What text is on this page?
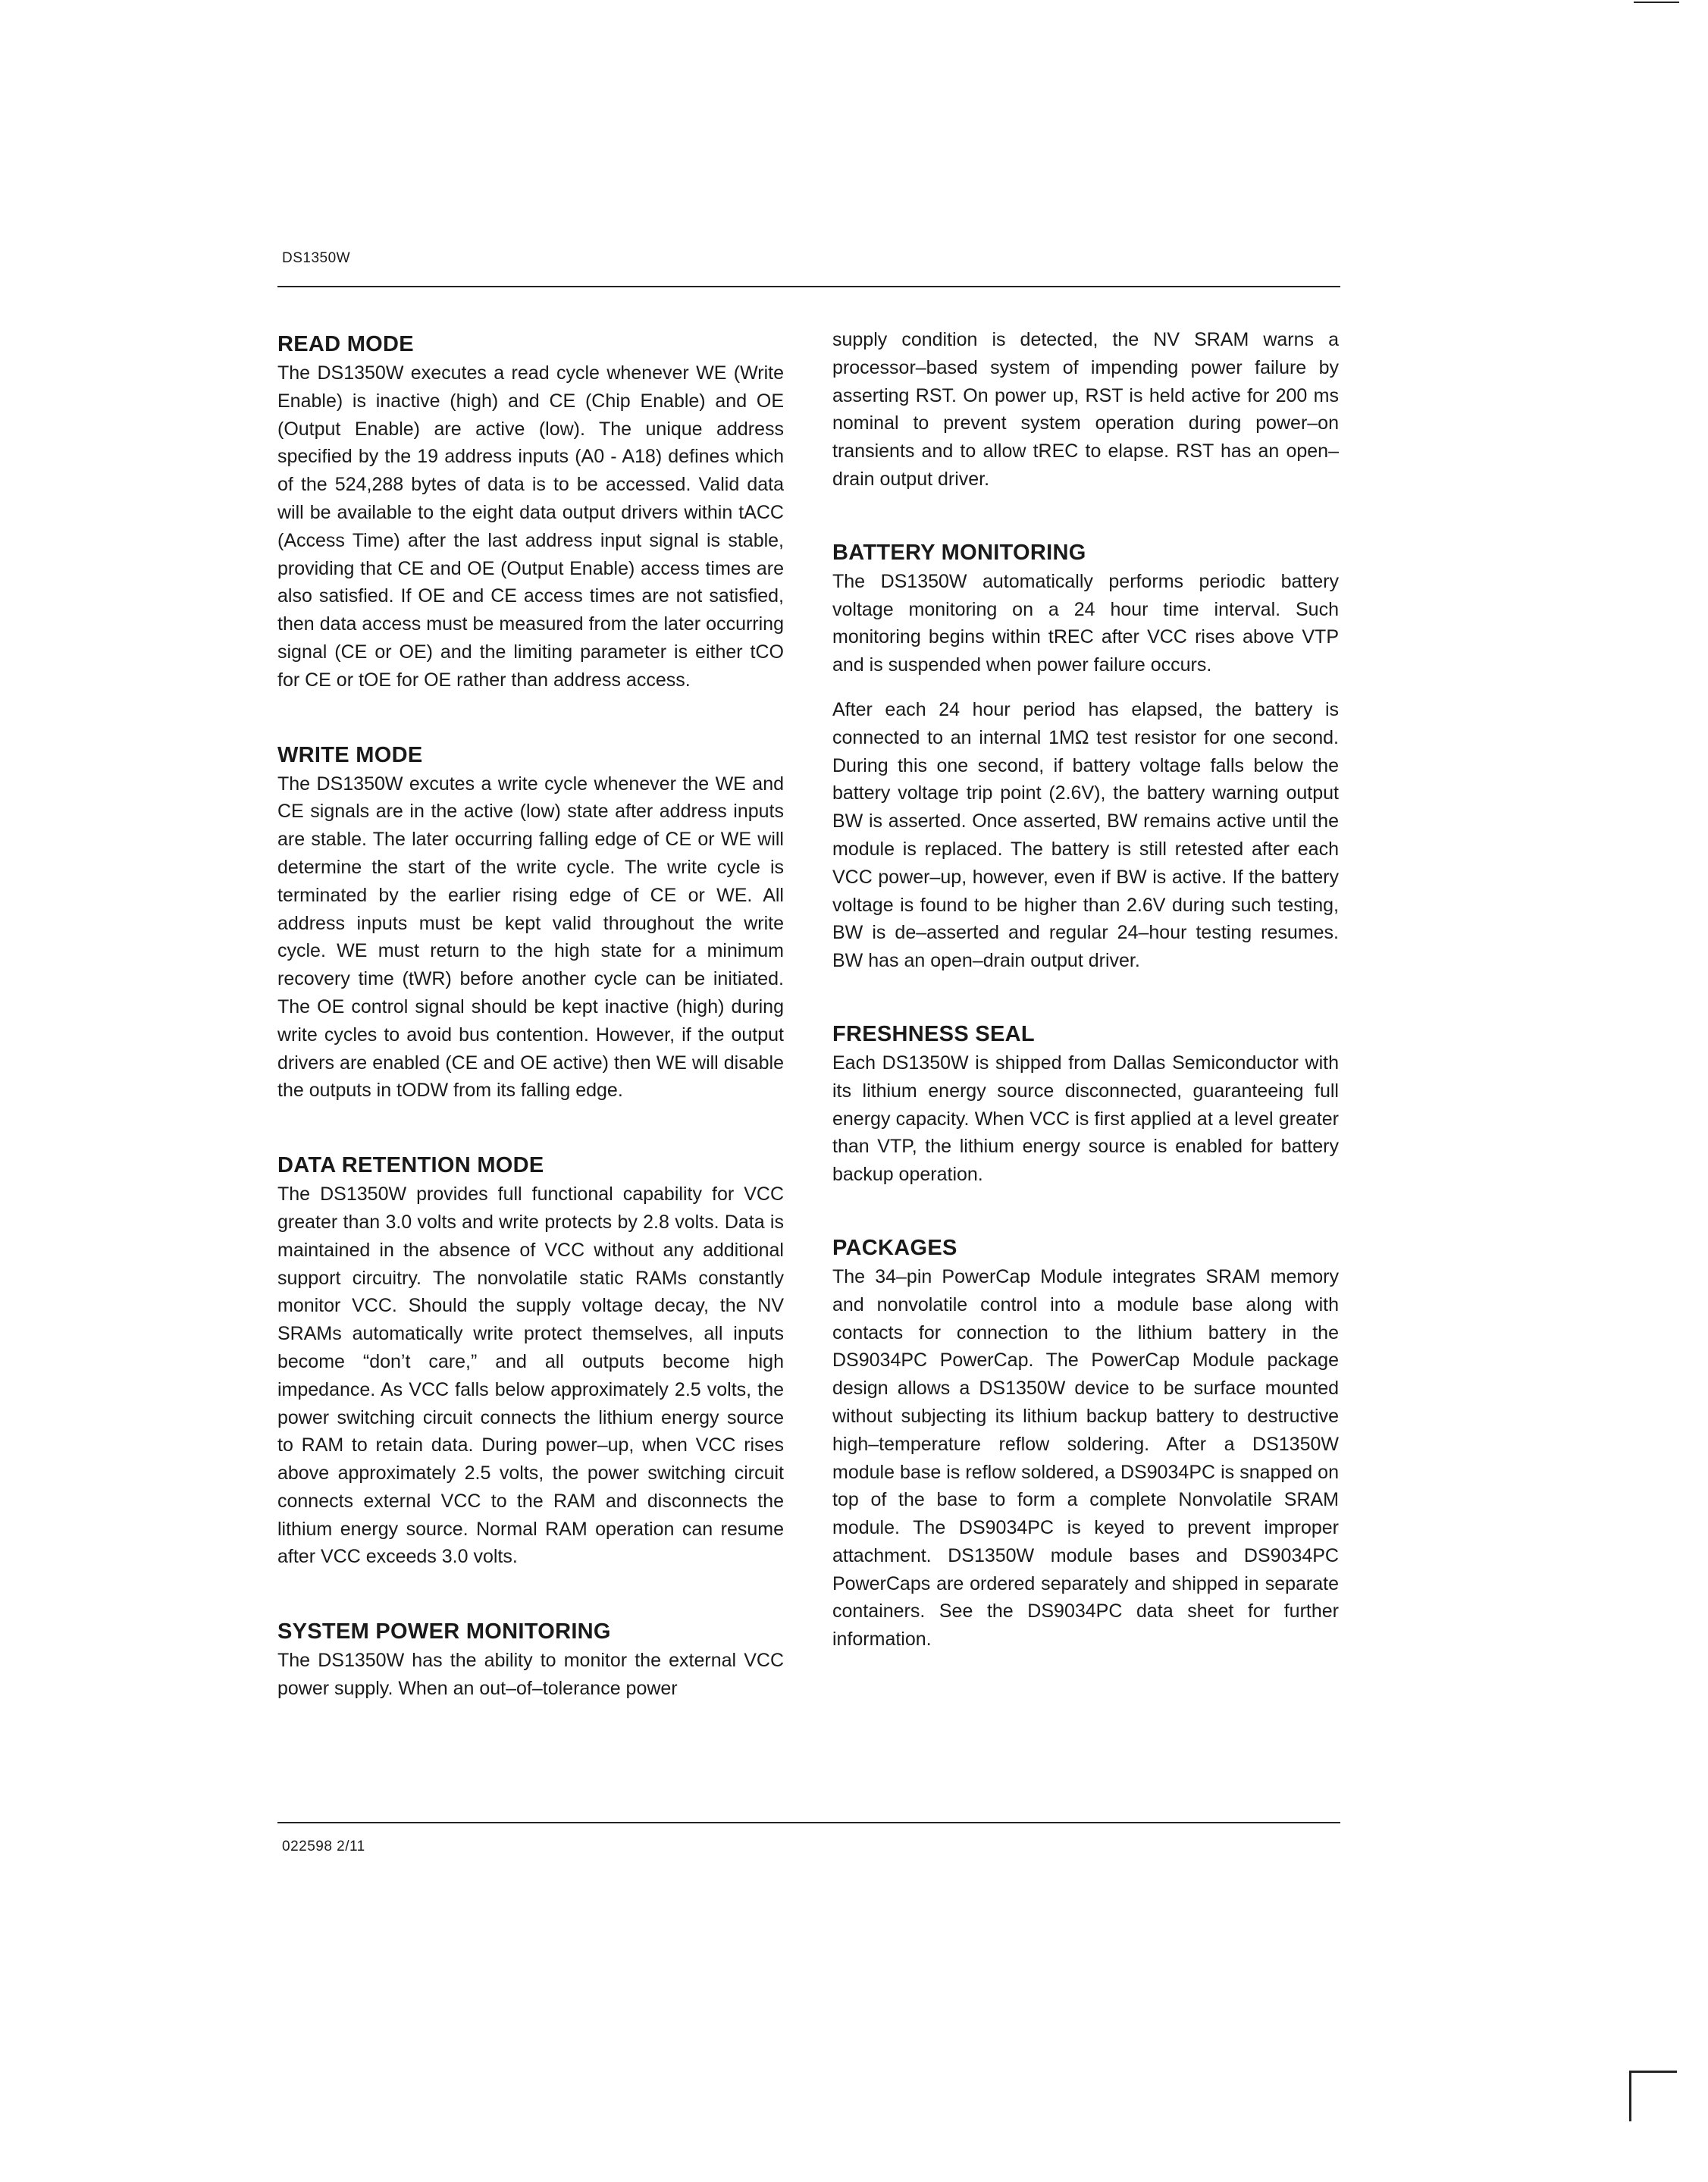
DS1350W
READ MODE

The DS1350W executes a read cycle whenever WE (Write Enable) is inactive (high) and CE (Chip Enable) and OE (Output Enable) are active (low). The unique address specified by the 19 address inputs (A0 - A18) defines which of the 524,288 bytes of data is to be accessed. Valid data will be available to the eight data output drivers within tACC (Access Time) after the last address input signal is stable, providing that CE and OE (Output Enable) access times are also satisfied. If OE and CE access times are not satisfied, then data access must be measured from the later occurring signal (CE or OE) and the limiting parameter is either tCO for CE or tOE for OE rather than address access.

WRITE MODE

The DS1350W excutes a write cycle whenever the WE and CE signals are in the active (low) state after address inputs are stable. The later occurring falling edge of CE or WE will determine the start of the write cycle. The write cycle is terminated by the earlier rising edge of CE or WE. All address inputs must be kept valid throughout the write cycle. WE must return to the high state for a minimum recovery time (tWR) before another cycle can be initiated. The OE control signal should be kept inactive (high) during write cycles to avoid bus contention. However, if the output drivers are enabled (CE and OE active) then WE will disable the outputs in tODW from its falling edge.

DATA RETENTION MODE

The DS1350W provides full functional capability for VCC greater than 3.0 volts and write protects by 2.8 volts. Data is maintained in the absence of VCC without any additional support circuitry. The nonvolatile static RAMs constantly monitor VCC. Should the supply voltage decay, the NV SRAMs automatically write protect themselves, all inputs become “don’t care,” and all outputs become high impedance. As VCC falls below approximately 2.5 volts, the power switching circuit connects the lithium energy source to RAM to retain data. During power–up, when VCC rises above approximately 2.5 volts, the power switching circuit connects external VCC to the RAM and disconnects the lithium energy source. Normal RAM operation can resume after VCC exceeds 3.0 volts.

SYSTEM POWER MONITORING

The DS1350W has the ability to monitor the external VCC power supply. When an out–of–tolerance power

supply condition is detected, the NV SRAM warns a processor–based system of impending power failure by asserting RST. On power up, RST is held active for 200 ms nominal to prevent system operation during power–on transients and to allow tREC to elapse. RST has an open–drain output driver.

BATTERY MONITORING

The DS1350W automatically performs periodic battery voltage monitoring on a 24 hour time interval. Such monitoring begins within tREC after VCC rises above VTP and is suspended when power failure occurs.

After each 24 hour period has elapsed, the battery is connected to an internal 1MΩ test resistor for one second. During this one second, if battery voltage falls below the battery voltage trip point (2.6V), the battery warning output BW is asserted. Once asserted, BW remains active until the module is replaced. The battery is still retested after each VCC power–up, however, even if BW is active. If the battery voltage is found to be higher than 2.6V during such testing, BW is de–asserted and regular 24–hour testing resumes. BW has an open–drain output driver.

FRESHNESS SEAL

Each DS1350W is shipped from Dallas Semiconductor with its lithium energy source disconnected, guaranteeing full energy capacity. When VCC is first applied at a level greater than VTP, the lithium energy source is enabled for battery backup operation.

PACKAGES

The 34–pin PowerCap Module integrates SRAM memory and nonvolatile control into a module base along with contacts for connection to the lithium battery in the DS9034PC PowerCap. The PowerCap Module package design allows a DS1350W device to be surface mounted without subjecting its lithium backup battery to destructive high–temperature reflow soldering. After a DS1350W module base is reflow soldered, a DS9034PC is snapped on top of the base to form a complete Nonvolatile SRAM module. The DS9034PC is keyed to prevent improper attachment. DS1350W module bases and DS9034PC PowerCaps are ordered separately and shipped in separate containers. See the DS9034PC data sheet for further information.

022598 2/11
